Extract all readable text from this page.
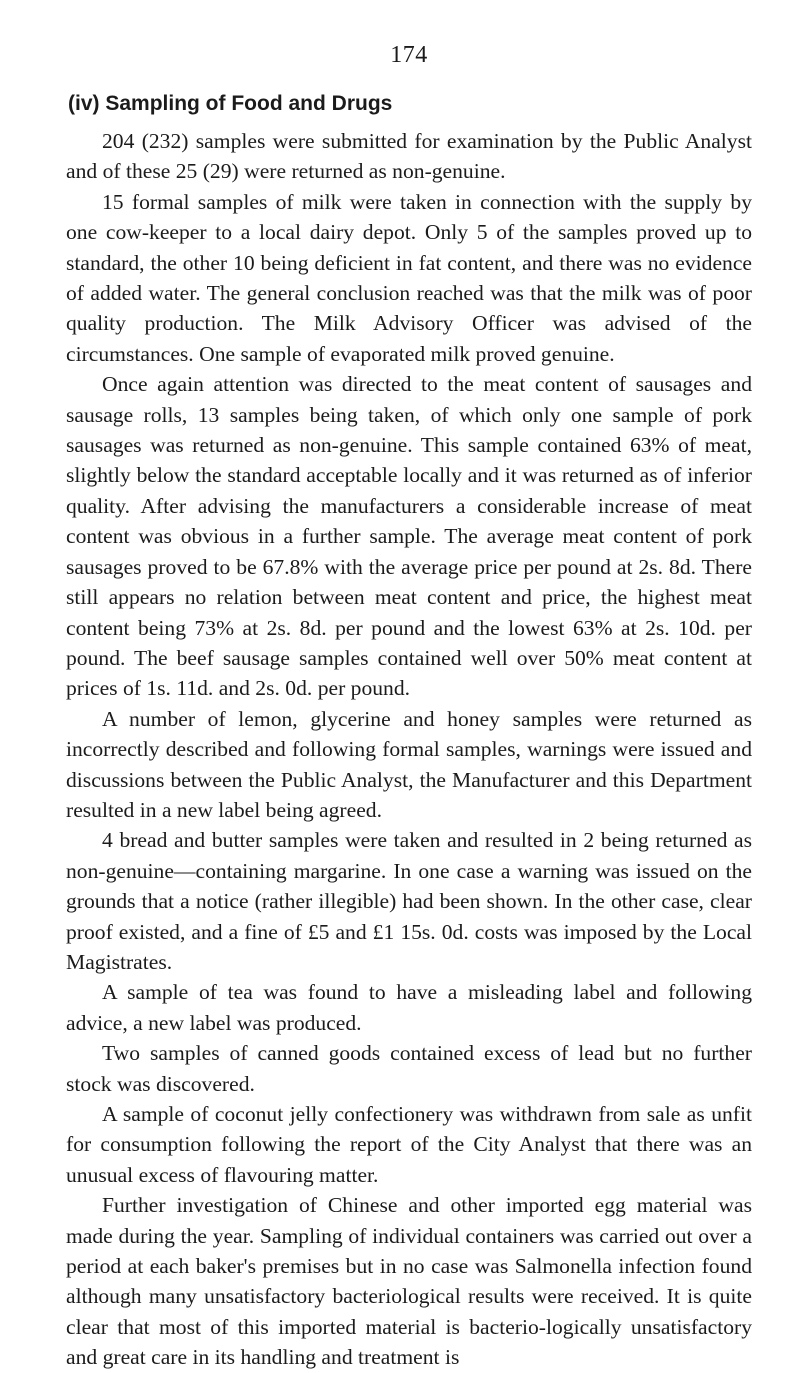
174
(iv) Sampling of Food and Drugs

204 (232) samples were submitted for examination by the Public Analyst and of these 25 (29) were returned as non-genuine.

15 formal samples of milk were taken in connection with the supply by one cow-keeper to a local dairy depot. Only 5 of the samples proved up to standard, the other 10 being deficient in fat content, and there was no evidence of added water. The general conclusion reached was that the milk was of poor quality production. The Milk Advisory Officer was advised of the circumstances. One sample of evaporated milk proved genuine.

Once again attention was directed to the meat content of sausages and sausage rolls, 13 samples being taken, of which only one sample of pork sausages was returned as non-genuine. This sample contained 63% of meat, slightly below the standard acceptable locally and it was returned as of inferior quality. After advising the manufacturers a considerable increase of meat content was obvious in a further sample. The average meat content of pork sausages proved to be 67.8% with the average price per pound at 2s. 8d. There still appears no relation between meat content and price, the highest meat content being 73% at 2s. 8d. per pound and the lowest 63% at 2s. 10d. per pound. The beef sausage samples contained well over 50% meat content at prices of 1s. 11d. and 2s. 0d. per pound.

A number of lemon, glycerine and honey samples were returned as incorrectly described and following formal samples, warnings were issued and discussions between the Public Analyst, the Manufacturer and this Department resulted in a new label being agreed.

4 bread and butter samples were taken and resulted in 2 being returned as non-genuine—containing margarine. In one case a warning was issued on the grounds that a notice (rather illegible) had been shown. In the other case, clear proof existed, and a fine of £5 and £1 15s. 0d. costs was imposed by the Local Magistrates.

A sample of tea was found to have a misleading label and following advice, a new label was produced.

Two samples of canned goods contained excess of lead but no further stock was discovered.

A sample of coconut jelly confectionery was withdrawn from sale as unfit for consumption following the report of the City Analyst that there was an unusual excess of flavouring matter.

Further investigation of Chinese and other imported egg material was made during the year. Sampling of individual containers was carried out over a period at each baker's premises but in no case was Salmonella infection found although many unsatisfactory bacteriological results were received. It is quite clear that most of this imported material is bacterio-logically unsatisfactory and great care in its handling and treatment is
